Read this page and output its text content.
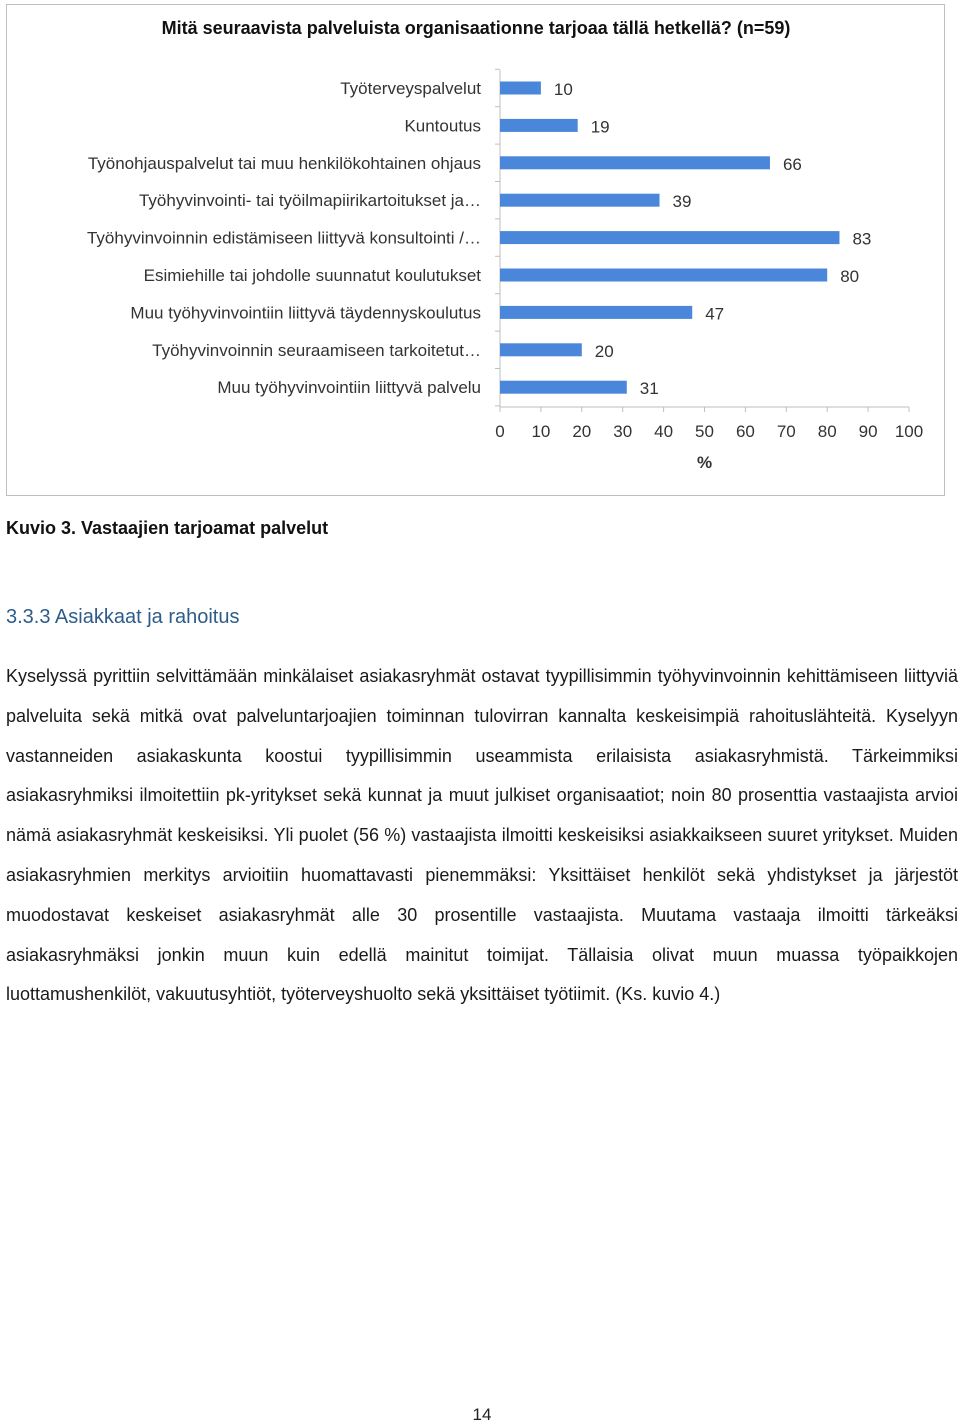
Mitä seuraavista palveluista organisaationne tarjoaa tällä hetkellä? (n=59)
Työterveyspalvelut	10
Kuntoutus	19
Työnohjauspalvelut tai muu henkilökohtainen ohjaus	66
Työhyvinvointi- tai työilmapiirikartoitukset ja…	39
Työhyvinvoinnin edistämiseen liittyvä konsultointi /…	83
Esimiehille tai johdolle suunnatut koulutukset	80
Muu työhyvinvointiin liittyvä täydennyskoulutus	47
Työhyvinvoinnin seuraamiseen tarkoitetut…	20
Muu työhyvinvointiin liittyvä palvelu	31
0 10 20 30 40 50 60 70 80 90 100
%
Kuvio 3. Vastaajien tarjoamat palvelut
3.3.3 Asiakkaat ja rahoitus
Kyselyssä pyrittiin selvittämään minkälaiset asiakasryhmät ostavat tyypillisimmin työhyvinvoinnin kehittämiseen liittyviä palveluita sekä mitkä ovat palveluntarjoajien toiminnan tulovirran kannalta keskeisimpiä rahoituslähteitä. Kyselyyn vastanneiden asiakaskunta koostui tyypillisimmin useammista erilaisista asiakasryhmistä. Tärkeimmiksi asiakasryhmiksi ilmoitettiin pk-yritykset sekä kunnat ja muut julkiset organisaatiot; noin 80 prosenttia vastaajista arvioi nämä asiakasryhmät keskeisiksi. Yli puolet (56 %) vastaajista ilmoitti keskeisiksi asiakkaikseen suuret yritykset. Muiden asiakasryhmien merkitys arvioitiin huomattavasti pienemmäksi: Yksittäiset henkilöt sekä yhdistykset ja järjestöt muodostavat keskeiset asiakasryhmät alle 30 prosentille vastaajista. Muutama vastaaja ilmoitti tärkeäksi asiakasryhmäksi jonkin muun kuin edellä mainitut toimijat. Tällaisia olivat muun muassa työpaikkojen luottamushenkilöt, vakuutusyhtiöt, työterveyshuolto sekä yksittäiset työtiimit. (Ks. kuvio 4.)
14
